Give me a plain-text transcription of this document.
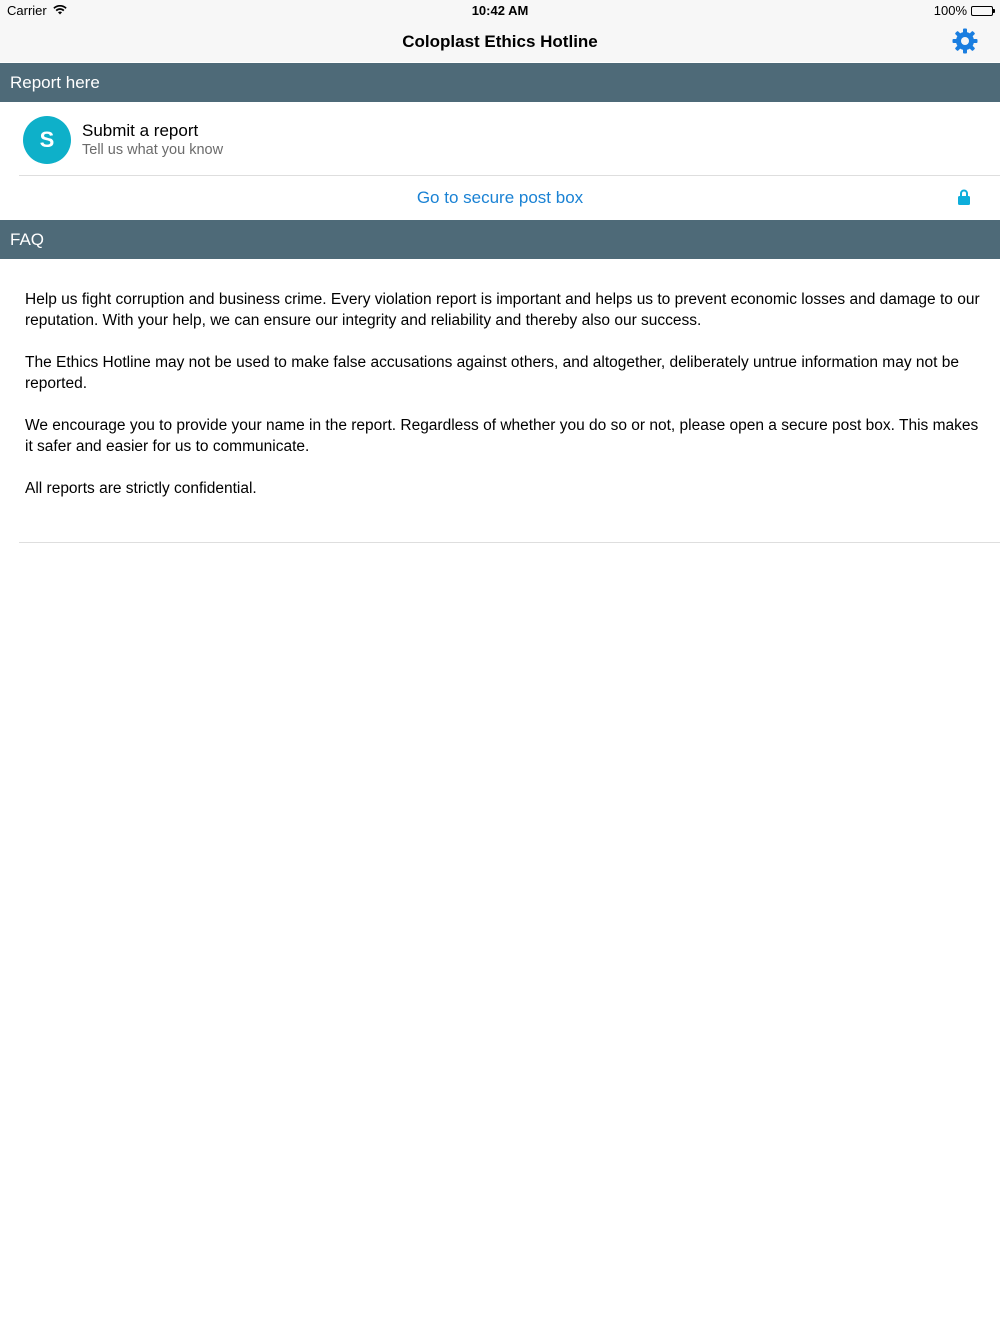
Carrier	10:42 AM	100%
Coloplast Ethics Hotline
Report here
S	Submit a report
Tell us what you know
Go to secure post box
FAQ

Help us fight corruption and business crime. Every violation report is important and helps us to prevent economic losses and damage to our reputation. With your help, we can ensure our integrity and reliability and thereby also our success.

The Ethics Hotline may not be used to make false accusations against others, and altogether, deliberately untrue information may not be reported.

We encourage you to provide your name in the report. Regardless of whether you do so or not, please open a secure post box. This makes it safer and easier for us to communicate.

All reports are strictly confidential.
